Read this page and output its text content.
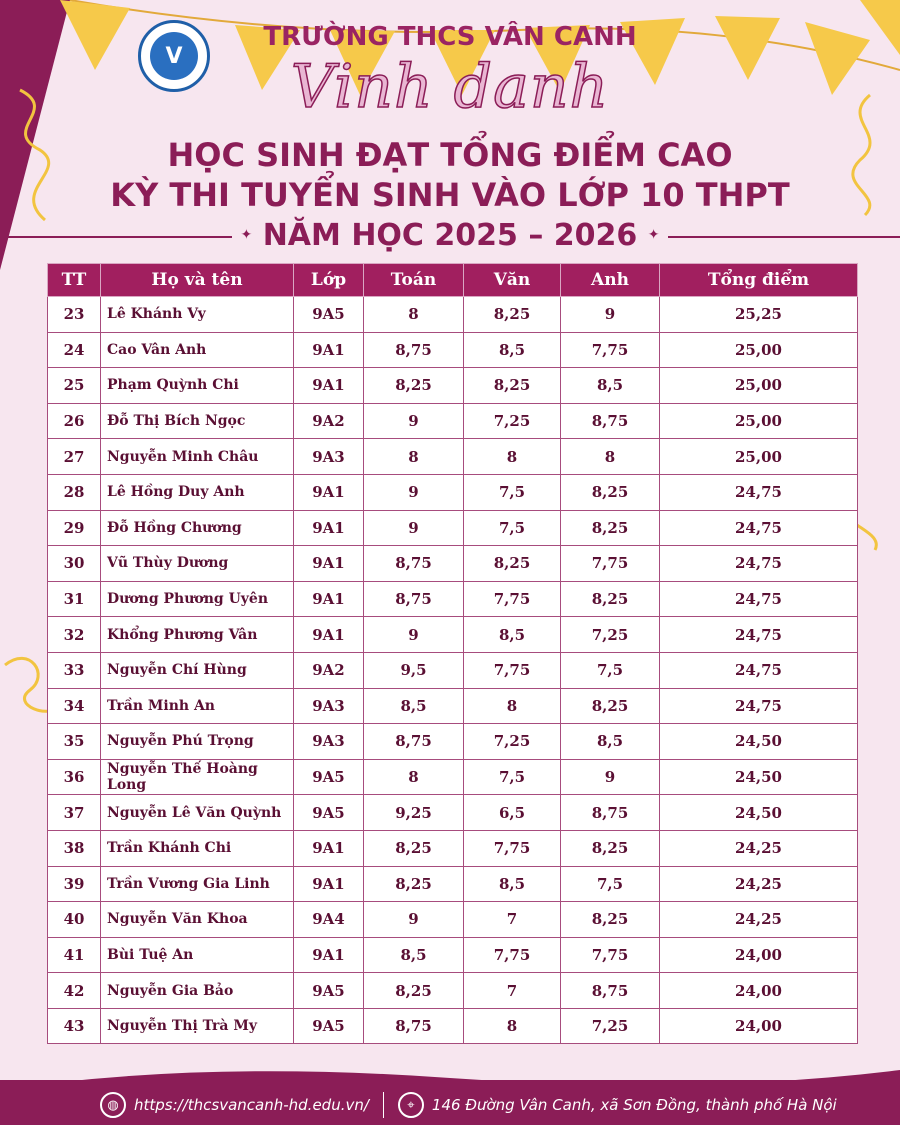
V
TRƯỜNG THCS VÂN CANH
Vinh danh
HỌC SINH ĐẠT TỔNG ĐIỂM CAO
KỲ THI TUYỂN SINH VÀO LỚP 10 THPT
✦ NĂM HỌC 2025 – 2026 ✦
TT	Họ và tên	Lớp	Toán	Văn	Anh	Tổng điểm
23	Lê Khánh Vy	9A5	8	8,25	9	25,25
24	Cao Vân Anh	9A1	8,75	8,5	7,75	25,00
25	Phạm Quỳnh Chi	9A1	8,25	8,25	8,5	25,00
26	Đỗ Thị Bích Ngọc	9A2	9	7,25	8,75	25,00
27	Nguyễn Minh Châu	9A3	8	8	8	25,00
28	Lê Hồng Duy Anh	9A1	9	7,5	8,25	24,75
29	Đỗ Hồng Chương	9A1	9	7,5	8,25	24,75
30	Vũ Thùy Dương	9A1	8,75	8,25	7,75	24,75
31	Dương Phương Uyên	9A1	8,75	7,75	8,25	24,75
32	Khổng Phương Vân	9A1	9	8,5	7,25	24,75
33	Nguyễn Chí Hùng	9A2	9,5	7,75	7,5	24,75
34	Trần Minh An	9A3	8,5	8	8,25	24,75
35	Nguyễn Phú Trọng	9A3	8,75	7,25	8,5	24,50
36	Nguyễn Thế Hoàng Long	9A5	8	7,5	9	24,50
37	Nguyễn Lê Văn Quỳnh	9A5	9,25	6,5	8,75	24,50
38	Trần Khánh Chi	9A1	8,25	7,75	8,25	24,25
39	Trần Vương Gia Linh	9A1	8,25	8,5	7,5	24,25
40	Nguyễn Văn Khoa	9A4	9	7	8,25	24,25
41	Bùi Tuệ An	9A1	8,5	7,75	7,75	24,00
42	Nguyễn Gia Bảo	9A5	8,25	7	8,75	24,00
43	Nguyễn Thị Trà My	9A5	8,75	8	7,25	24,00
◍	https://thcsvancanh-hd.edu.vn/	⌖	146 Đường Vân Canh, xã Sơn Đồng, thành phố Hà Nội
